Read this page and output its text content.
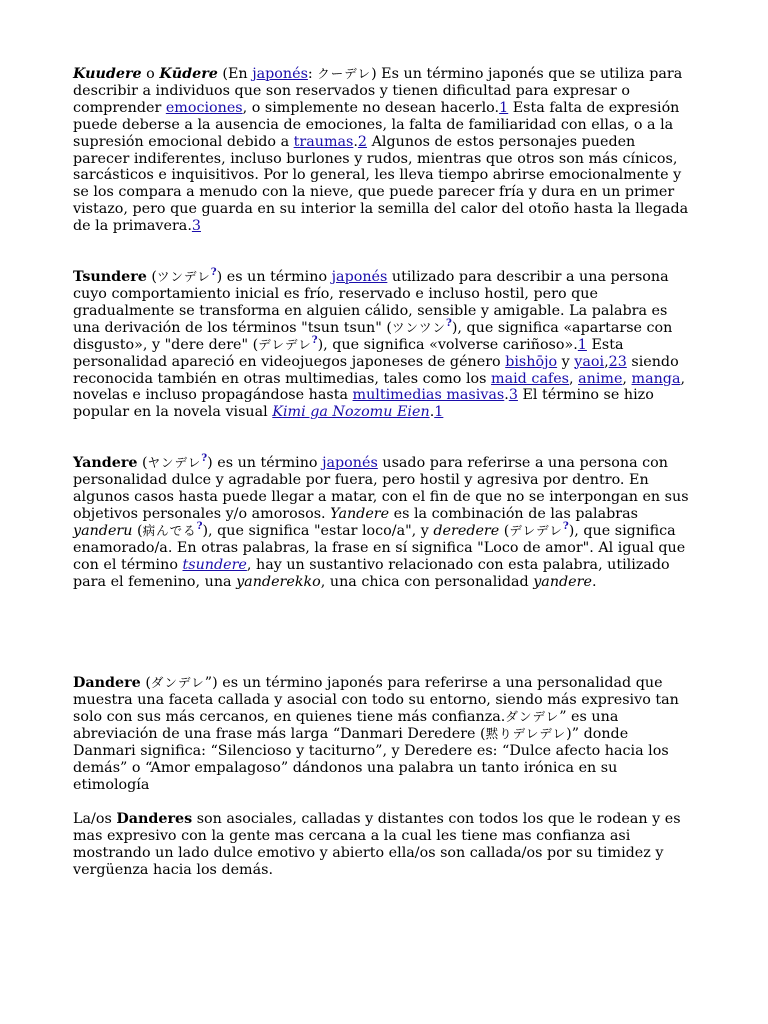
Kuudere o Kūdere (En japonés: クーデレ) Es un término japonés que se utiliza para describir a individuos que son reservados y tienen dificultad para expresar o comprender emociones, o simplemente no desean hacerlo.1 Esta falta de expresión puede deberse a la ausencia de emociones, la falta de familiaridad con ellas, o a la supresión emocional debido a traumas.2 Algunos de estos personajes pueden parecer indiferentes, incluso burlones y rudos, mientras que otros son más cínicos, sarcásticos e inquisitivos. Por lo general, les lleva tiempo abrirse emocionalmente y se los compara a menudo con la nieve, que puede parecer fría y dura en un primer vistazo, pero que guarda en su interior la semilla del calor del otoño hasta la llegada de la primavera.3

Tsundere (ツンデレ?) es un término japonés utilizado para describir a una persona cuyo comportamiento inicial es frío, reservado e incluso hostil, pero que gradualmente se transforma en alguien cálido, sensible y amigable. La palabra es una derivación de los términos "tsun tsun" (ツンツン?), que significa «apartarse con disgusto», y "dere dere" (デレデレ?), que significa «volverse cariñoso».1 Esta personalidad apareció en videojuegos japoneses de género bishōjo y yaoi,23 siendo reconocida también en otras multimedias, tales como los maid cafes, anime, manga, novelas e incluso propagándose hasta multimedias masivas.3 El término se hizo popular en la novela visual Kimi ga Nozomu Eien.1

Yandere (ヤンデレ?) es un término japonés usado para referirse a una persona con personalidad dulce y agradable por fuera, pero hostil y agresiva por dentro. En algunos casos hasta puede llegar a matar, con el fin de que no se interpongan en sus objetivos personales y/o amorosos. Yandere es la combinación de las palabras yanderu (病んでる?), que significa "estar loco/a", y deredere (デレデレ?), que significa enamorado/a. En otras palabras, la frase en sí significa "Loco de amor". Al igual que con el término tsundere, hay un sustantivo relacionado con esta palabra, utilizado para el femenino, una yanderekko, una chica con personalidad yandere.

Dandere (ダンデレ”) es un término japonés para referirse a una personalidad que muestra una faceta callada y asocial con todo su entorno, siendo más expresivo tan solo con sus más cercanos, en quienes tiene más confianza.ダンデレ” es una abreviación de una frase más larga “Danmari Deredere (黙りデレデレ)” donde Danmari significa: “Silencioso y taciturno”, y Deredere es: “Dulce afecto hacia los demás” o “Amor empalagoso” dándonos una palabra un tanto irónica en su etimología

La/os Danderes son asociales, calladas y distantes con todos los que le rodean y es mas expresivo con la gente mas cercana a la cual les tiene mas confianza asi mostrando un lado dulce emotivo y abierto ella/os son callada/os por su timidez y vergüenza hacia los demás.
